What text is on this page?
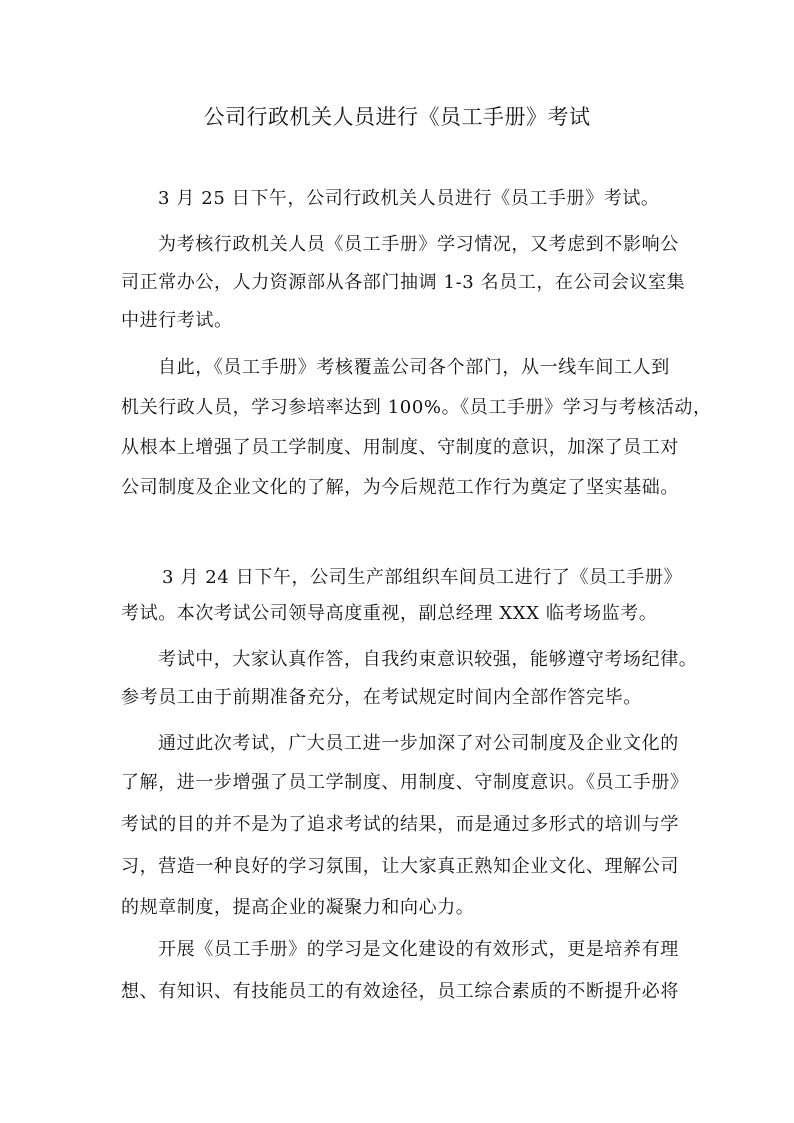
公司行政机关人员进行《员工手册》考试

3 月 25 日下午，公司行政机关人员进行《员工手册》考试。

为考核行政机关人员《员工手册》学习情况，又考虑到不影响公

司正常办公，人力资源部从各部门抽调 1-3 名员工，在公司会议室集

中进行考试。

自此，《员工手册》考核覆盖公司各个部门，从一线车间工人到

机关行政人员，学习参培率达到 100%。《员工手册》学习与考核活动，

从根本上增强了员工学制度、用制度、守制度的意识，加深了员工对

公司制度及企业文化的了解，为今后规范工作行为奠定了坚实基础。

3 月 24 日下午，公司生产部组织车间员工进行了《员工手册》

考试。本次考试公司领导高度重视，副总经理 XXX 临考场监考。

考试中，大家认真作答，自我约束意识较强，能够遵守考场纪律。

参考员工由于前期准备充分，在考试规定时间内全部作答完毕。

通过此次考试，广大员工进一步加深了对公司制度及企业文化的

了解，进一步增强了员工学制度、用制度、守制度意识。《员工手册》

考试的目的并不是为了追求考试的结果，而是通过多形式的培训与学

习，营造一种良好的学习氛围，让大家真正熟知企业文化、理解公司

的规章制度，提高企业的凝聚力和向心力。

开展《员工手册》的学习是文化建设的有效形式，更是培养有理

想、有知识、有技能员工的有效途径，员工综合素质的不断提升必将
